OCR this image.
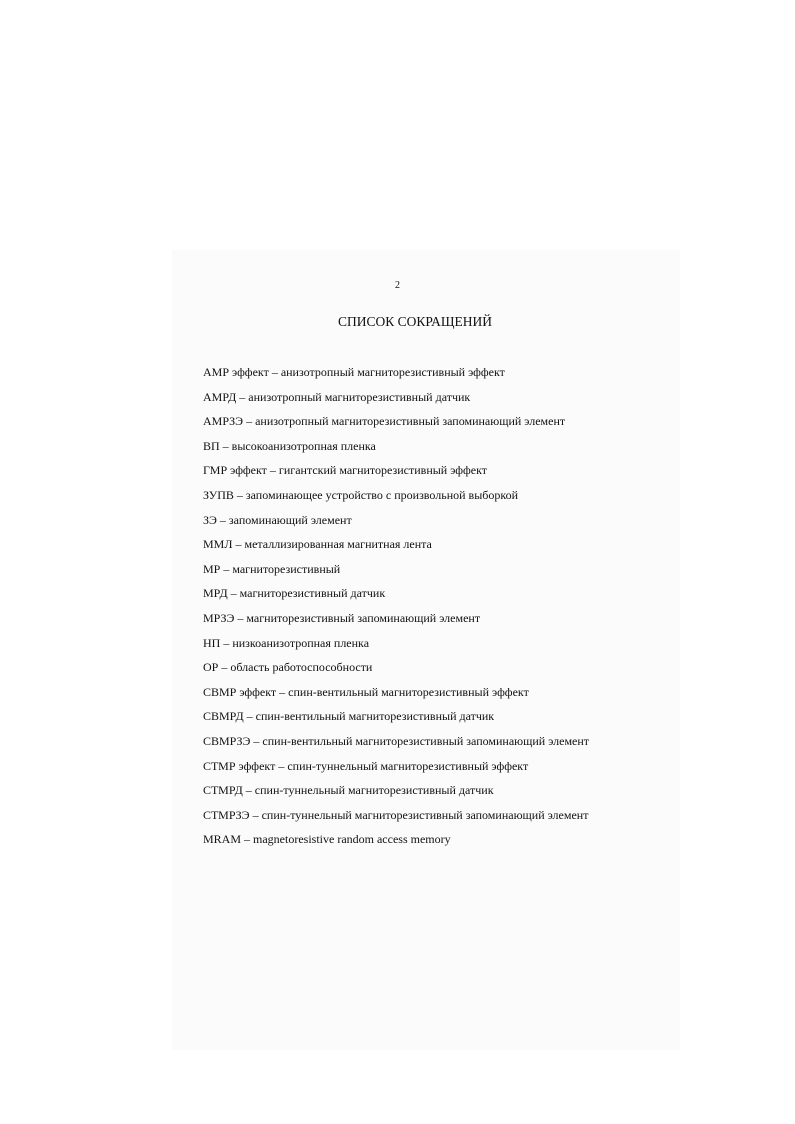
2
СПИСОК СОКРАЩЕНИЙ
АМР эффект – анизотропный магниторезистивный эффект
АМРД – анизотропный магниторезистивный датчик
АМРЗЭ – анизотропный магниторезистивный запоминающий элемент
ВП – высокоанизотропная пленка
ГМР эффект – гигантский магниторезистивный эффект
ЗУПВ – запоминающее устройство с произвольной выборкой
ЗЭ – запоминающий элемент
ММЛ – металлизированная магнитная лента
МР – магниторезистивный
МРД – магниторезистивный датчик
МРЗЭ – магниторезистивный запоминающий элемент
НП – низкоанизотропная пленка
ОР – область работоспособности
СВМР эффект – спин-вентильный магниторезистивный эффект
СВМРД – спин-вентильный магниторезистивный датчик
СВМРЗЭ – спин-вентильный магниторезистивный запоминающий элемент
СТМР эффект – спин-туннельный магниторезистивный эффект
СТМРД – спин-туннельный магниторезистивный датчик
СТМРЗЭ – спин-туннельный магниторезистивный запоминающий элемент
MRAM – magnetoresistive random access memory
